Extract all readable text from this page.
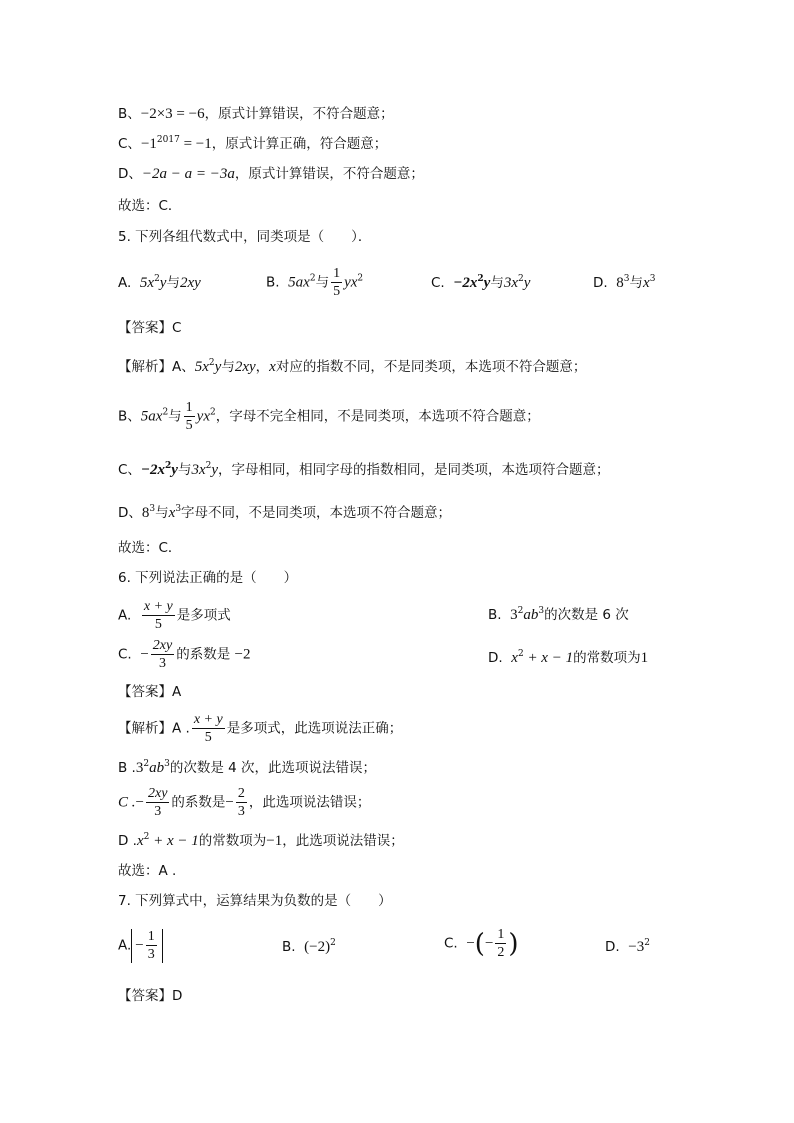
B、−2×3 = −6，原式计算错误，不符合题意；
C、$-1^{2017} = -1$，原式计算正确，符合题意；
D、−2a − a = −3a，原式计算错误，不符合题意；
故选：C．
5. 下列各组代数式中，同类项是（　　）．
A. $5x^2y$与2xy	B. $5ax^2$与 $\frac{1}{5} yx^2$	C. $-2x^2y$与$3x^2y$	D. $8^3$与$x^3$
【答案】C
【解析】A、$5x^2y$与2xy，x对应的指数不同，不是同类项，本选项不符合题意；
B、$5ax^2$与 $\frac{1}{5} yx^2$，字母不完全相同，不是同类项，本选项不符合题意；
C、$-2x^2y$与$3x^2y$，字母相同，相同字母的指数相同，是同类项，本选项符合题意；
D、$8^3$与$x^3$字母不同，不是同类项，本选项不符合题意；
故选：C．
6. 下列说法正确的是（　　）
A. $\frac{x + y}{5}$ 是多项式	B. $3^2ab^3$的次数是 6 次
C. − $\frac{2xy}{3}$ 的系数是 −2	D. $x^2 + x - 1$的常数项为1
【答案】A
【解析】A . $\frac{x + y}{5}$ 是多项式，此选项说法正确；
B $.3^2ab^3$的次数是 4 次，此选项说法错误；
C .− $\frac{2xy}{3}$ 的系数是− $\frac{2}{3}$ ，此选项说法错误；
D $.x^2 + x - 1$的常数项为−1，此选项说法错误；
故选：A .
7. 下列算式中，运算结果为负数的是（　　）
A. − $\frac{1}{3}$	B. $(-2)^2$	C. −(− $\frac{1}{2}$ )	D. $-3^2$
【答案】D
